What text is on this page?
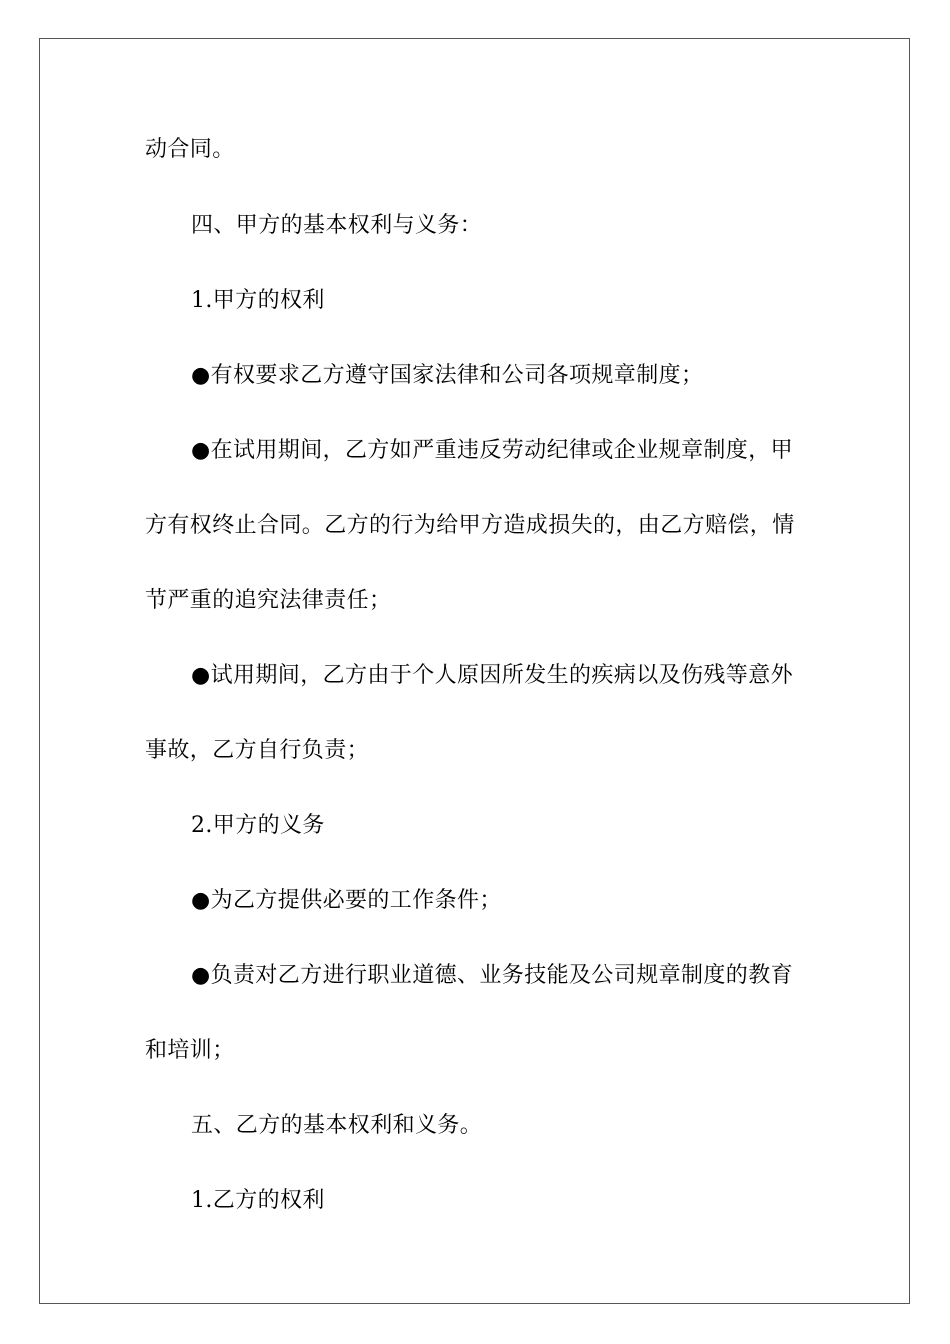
动合同。
四、甲方的基本权利与义务：
1.甲方的权利
●有权要求乙方遵守国家法律和公司各项规章制度；
●在试用期间，乙方如严重违反劳动纪律或企业规章制度，甲
方有权终止合同。乙方的行为给甲方造成损失的，由乙方赔偿，情
节严重的追究法律责任；
●试用期间，乙方由于个人原因所发生的疾病以及伤残等意外
事故，乙方自行负责；
2.甲方的义务
●为乙方提供必要的工作条件；
●负责对乙方进行职业道德、业务技能及公司规章制度的教育
和培训；
五、乙方的基本权利和义务。
1.乙方的权利
